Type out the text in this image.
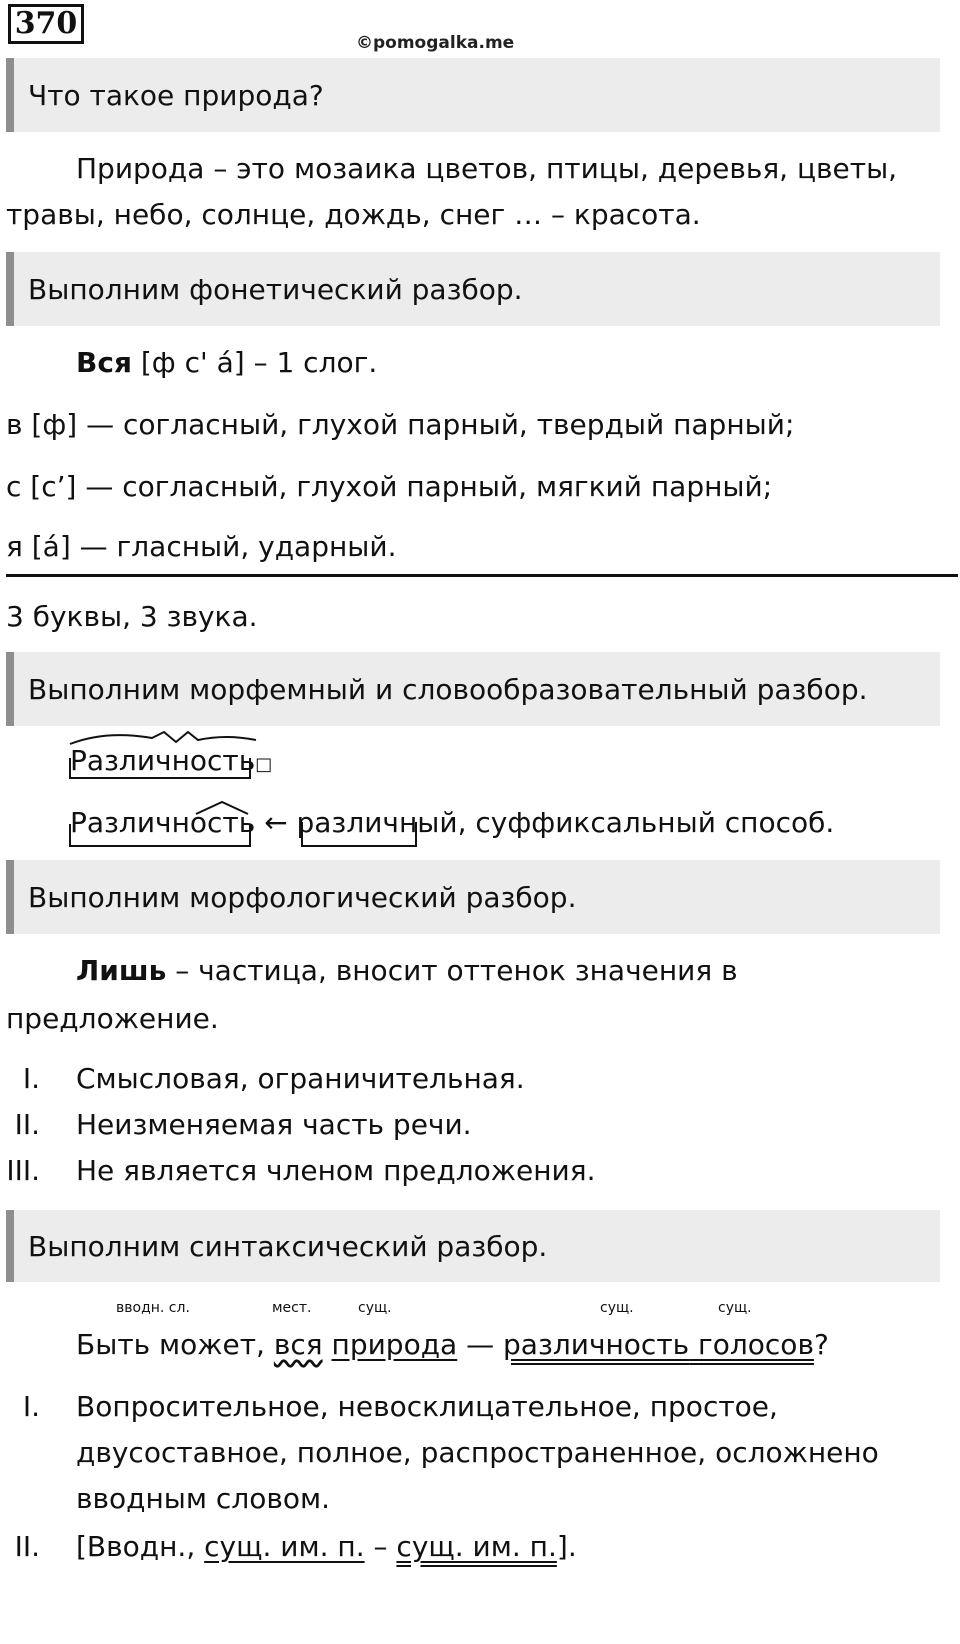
370
©pomogalka.me
Что такое природа?
Природа – это мозаика цветов, птицы, деревья, цветы,
травы, небо, солнце, дождь, снег … – красота.
Выполним фонетический разбор.
Вся [ф с' á] – 1 слог.
в [ф] — согласный, глухой парный, твердый парный;
с [с’] — согласный, глухой парный, мягкий парный;
я [á] — гласный, ударный.
3 буквы, 3 звука.
Выполним морфемный и словообразовательный разбор.
Различность□
Различность ← различный, суффиксальный способ.
Выполним морфологический разбор.
Лишь – частица, вносит оттенок значения в
предложение.
I. Смысловая, ограничительная.
II. Неизменяемая часть речи.
III. Не является членом предложения.
Выполним синтаксический разбор.
вводн. сл.	мест.	сущ.	сущ.	сущ.
Быть может, вся природа — различность голосов?
I. Вопросительное, невосклицательное, простое,
двусоставное, полное, распространенное, осложнено
вводным словом.
II. [Вводн., сущ. им. п. – сущ. им. п.].
